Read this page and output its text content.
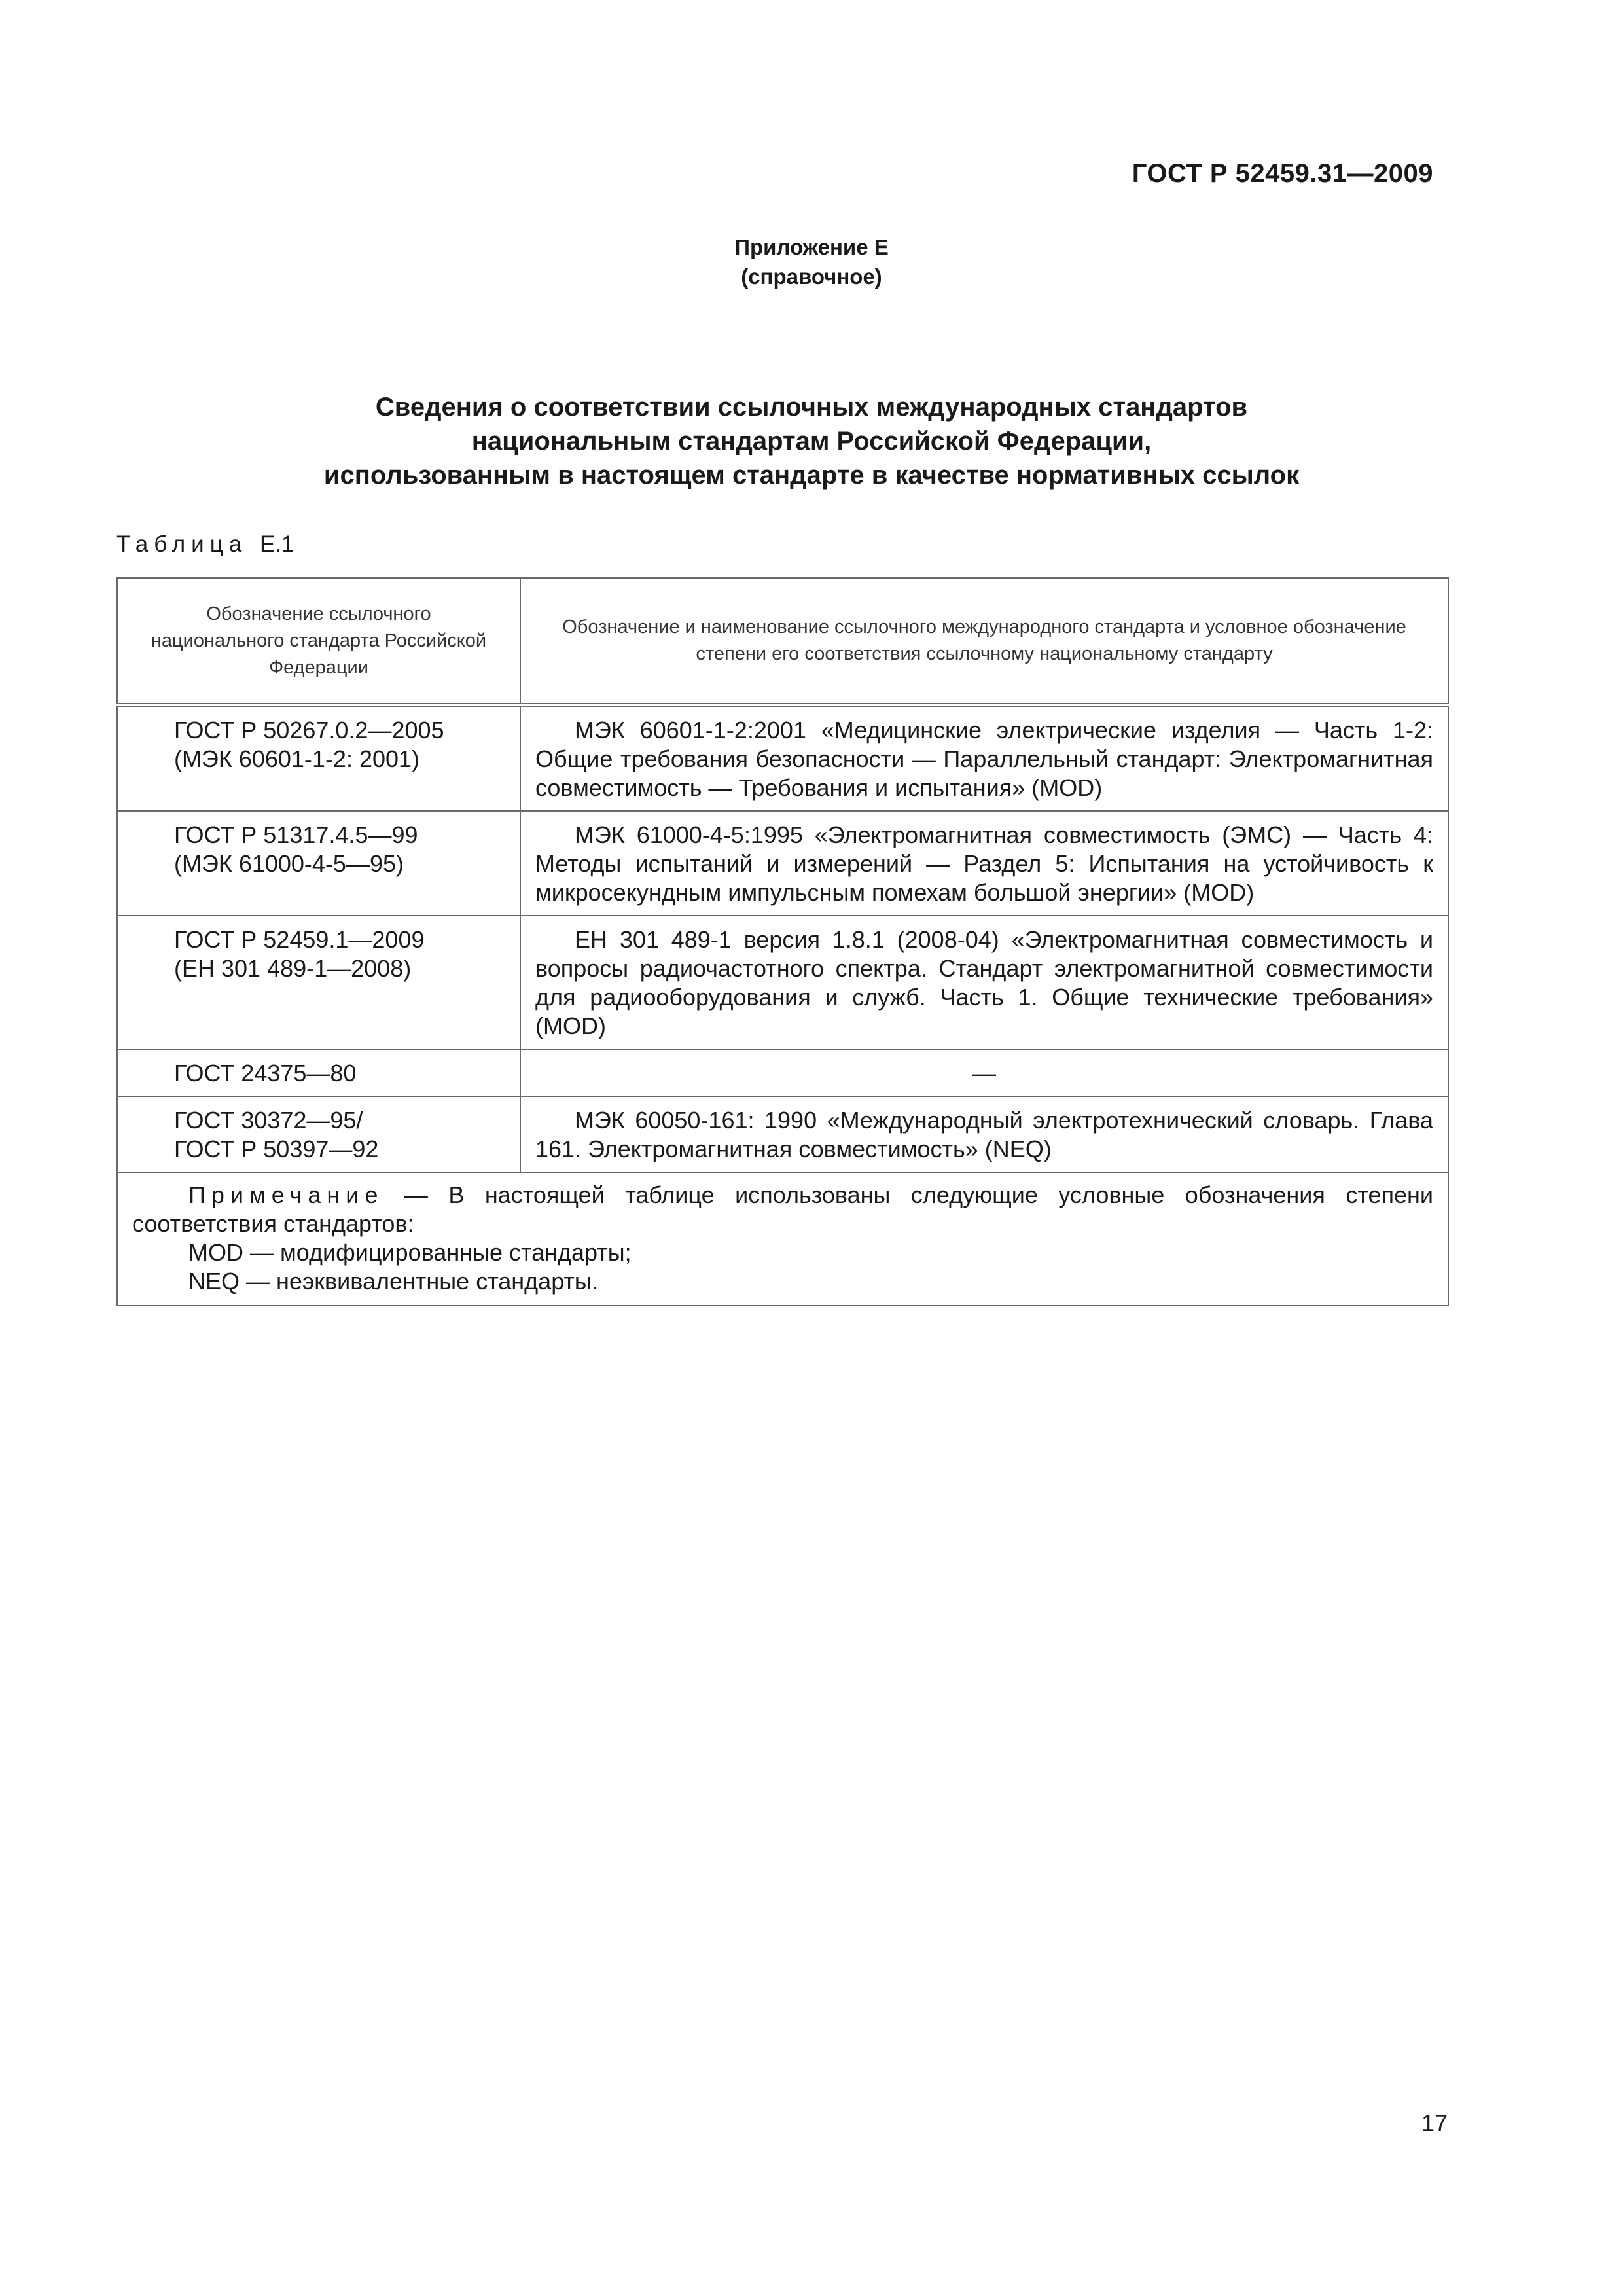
ГОСТ Р 52459.31—2009
Приложение Е
(справочное)
Сведения о соответствии ссылочных международных стандартов
национальным стандартам Российской Федерации,
использованным в настоящем стандарте в качестве нормативных ссылок
Таблица Е.1
Обозначение ссылочного национального стандарта Российской Федерации	Обозначение и наименование ссылочного международного стандарта и условное обозначение степени его соответствия ссылочному национальному стандарту
ГОСТ Р 50267.0.2—2005
(МЭК 60601-1-2: 2001)	МЭК 60601-1-2:2001 «Медицинские электрические изделия — Часть 1-2: Общие требования безопасности — Параллельный стандарт: Электромагнитная совместимость — Требования и испытания» (MOD)
ГОСТ Р 51317.4.5—99
(МЭК 61000-4-5—95)	МЭК 61000-4-5:1995 «Электромагнитная совместимость (ЭМС) — Часть 4: Методы испытаний и измерений — Раздел 5: Испытания на устойчивость к микросекундным импульсным помехам большой энергии» (MOD)
ГОСТ Р 52459.1—2009
(ЕН 301 489-1—2008)	ЕН 301 489-1 версия 1.8.1 (2008-04) «Электромагнитная совместимость и вопросы радиочастотного спектра. Стандарт электромагнитной совместимости для радиооборудования и служб. Часть 1. Общие технические требования» (MOD)
ГОСТ 24375—80	—
ГОСТ 30372—95/
ГОСТ Р 50397—92	МЭК 60050-161: 1990 «Международный электротехнический словарь. Глава 161. Электромагнитная совместимость» (NEQ)

Примечание — В настоящей таблице использованы следующие условные обозначения степени соответствия стандартов:
MOD — модифицированные стандарты;
NEQ — неэквивалентные стандарты.	
17
